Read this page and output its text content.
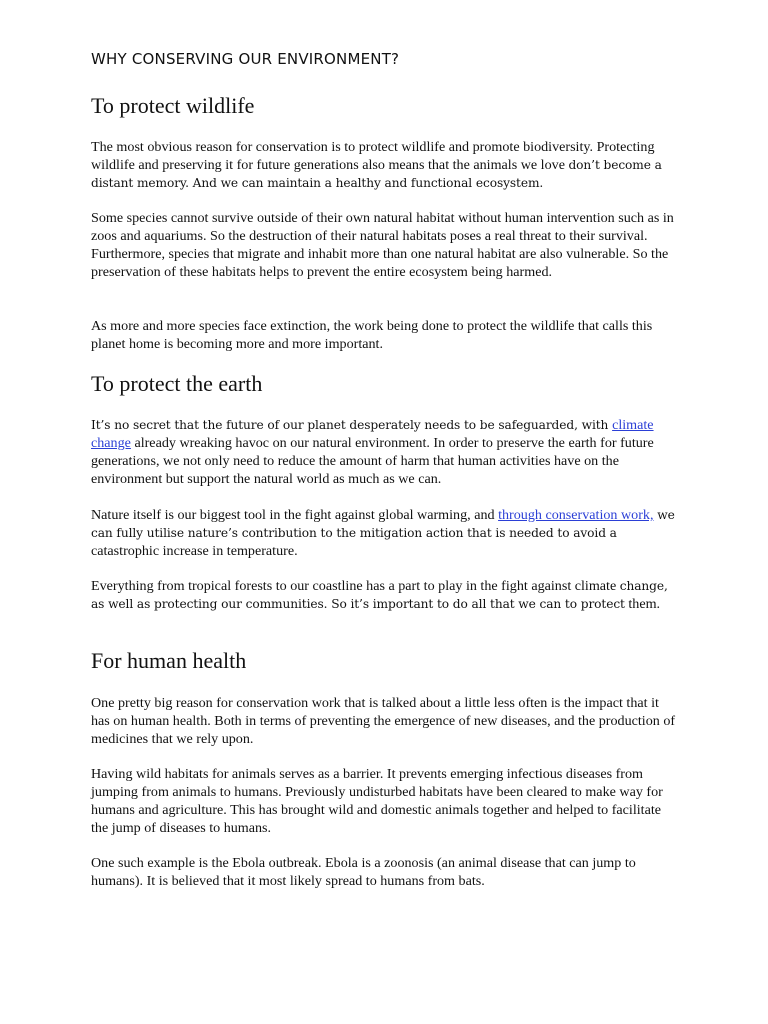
WHY CONSERVING OUR ENVIRONMENT?
To protect wildlife

The most obvious reason for conservation is to protect wildlife and promote biodiversity. Protecting wildlife and preserving it for future generations also means that the animals we love don’t become a distant memory. And we can maintain a healthy and functional ecosystem.

Some species cannot survive outside of their own natural habitat without human intervention such as in zoos and aquariums. So the destruction of their natural habitats poses a real threat to their survival. Furthermore, species that migrate and inhabit more than one natural habitat are also vulnerable. So the preservation of these habitats helps to prevent the entire ecosystem being harmed.

As more and more species face extinction, the work being done to protect the wildlife that calls this planet home is becoming more and more important.

To protect the earth

It’s no secret that the future of our planet desperately needs to be safeguarded, with climate change already wreaking havoc on our natural environment. In order to preserve the earth for future generations, we not only need to reduce the amount of harm that human activities have on the environment but support the natural world as much as we can.

Nature itself is our biggest tool in the fight against global warming, and through conservation work, we can fully utilise nature’s contribution to the mitigation action that is needed to avoid a catastrophic increase in temperature.

Everything from tropical forests to our coastline has a part to play in the fight against climate change, as well as protecting our communities. So it’s important to do all that we can to protect them.

For human health

One pretty big reason for conservation work that is talked about a little less often is the impact that it has on human health. Both in terms of preventing the emergence of new diseases, and the production of medicines that we rely upon.

Having wild habitats for animals serves as a barrier. It prevents emerging infectious diseases from jumping from animals to humans. Previously undisturbed habitats have been cleared to make way for humans and agriculture. This has brought wild and domestic animals together and helped to facilitate the jump of diseases to humans.

One such example is the Ebola outbreak. Ebola is a zoonosis (an animal disease that can jump to humans). It is believed that it most likely spread to humans from bats.
